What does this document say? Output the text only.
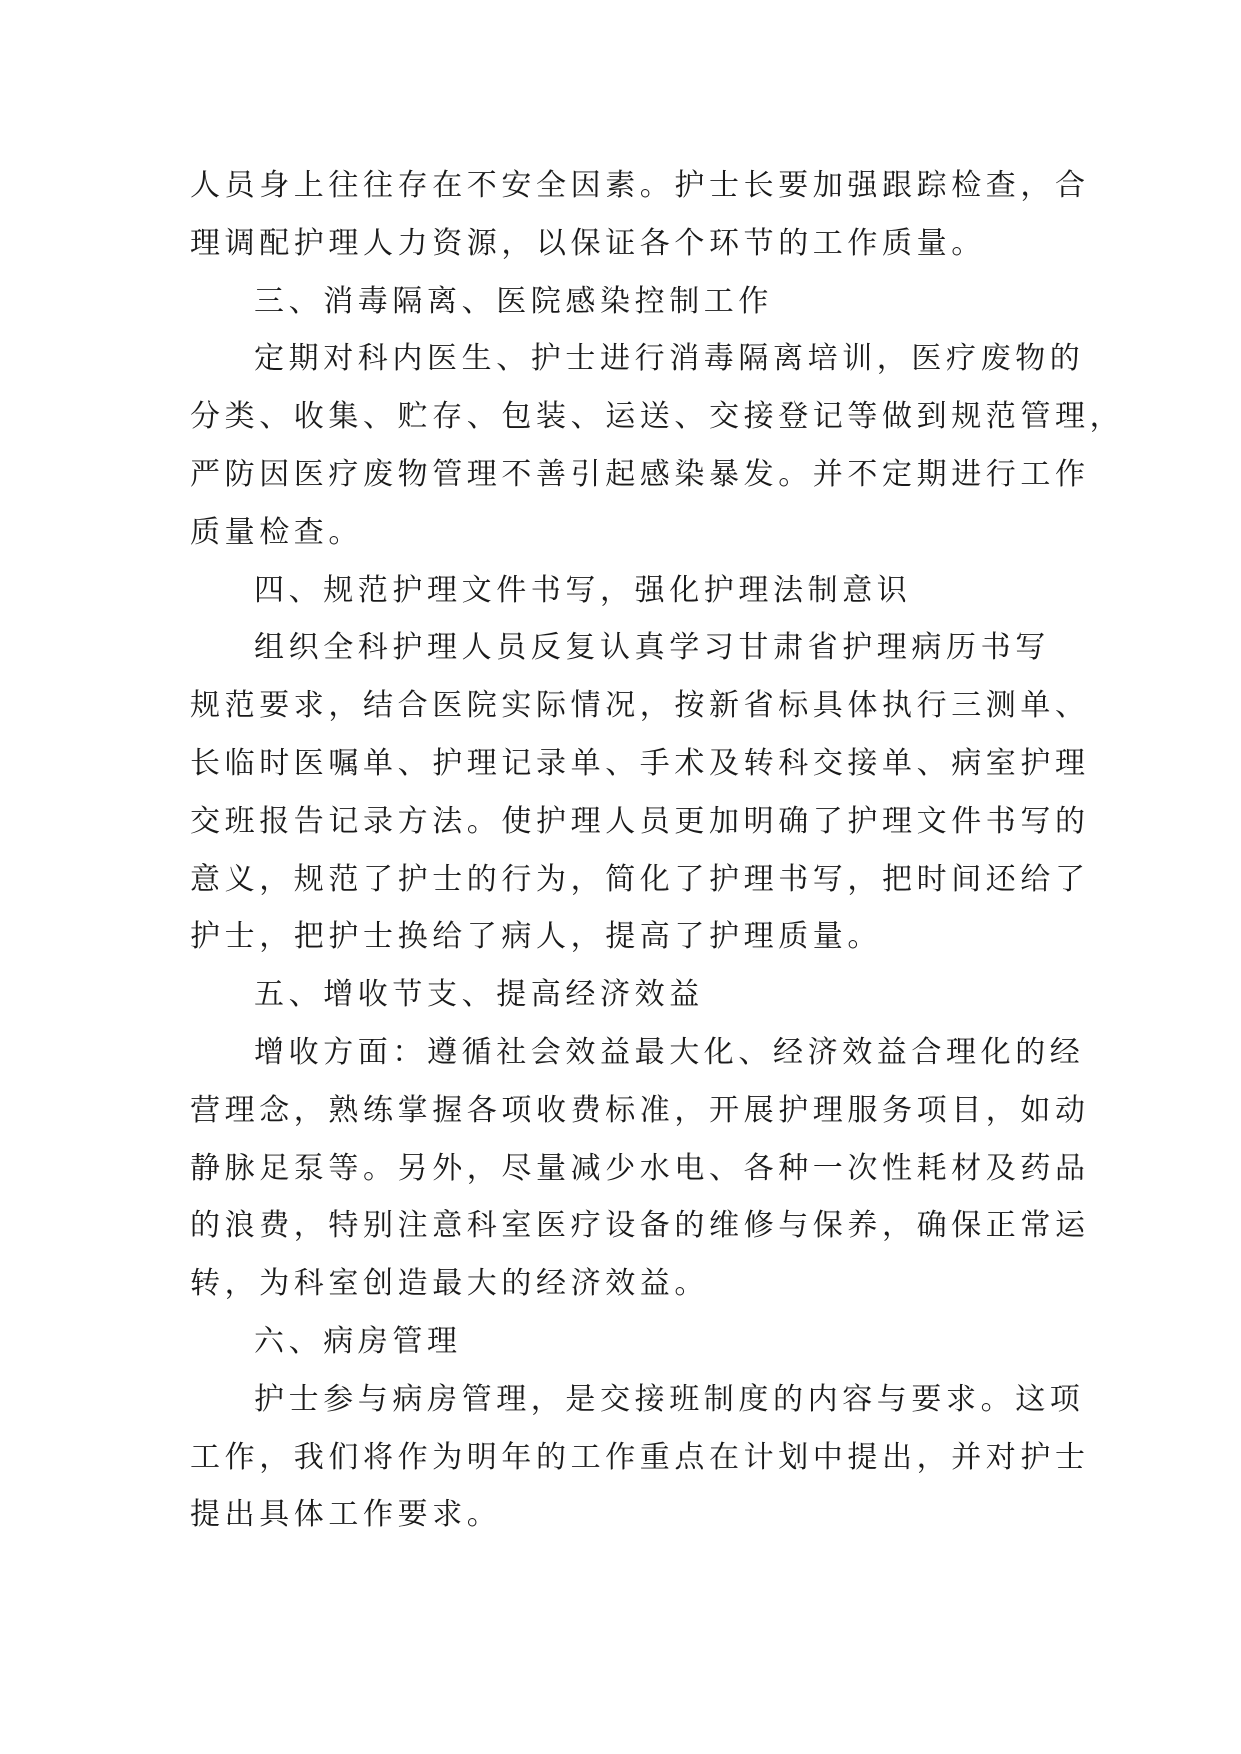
人员身上往往存在不安全因素。护士长要加强跟踪检查，合
理调配护理人力资源，以保证各个环节的工作质量。
三、消毒隔离、医院感染控制工作
定期对科内医生、护士进行消毒隔离培训，医疗废物的
分类、收集、贮存、包装、运送、交接登记等做到规范管理，
严防因医疗废物管理不善引起感染暴发。并不定期进行工作
质量检查。
四、规范护理文件书写，强化护理法制意识
组织全科护理人员反复认真学习甘肃省护理病历书写
规范要求，结合医院实际情况，按新省标具体执行三测单、
长临时医嘱单、护理记录单、手术及转科交接单、病室护理
交班报告记录方法。使护理人员更加明确了护理文件书写的
意义，规范了护士的行为，简化了护理书写，把时间还给了
护士，把护士换给了病人，提高了护理质量。
五、增收节支、提高经济效益
增收方面：遵循社会效益最大化、经济效益合理化的经
营理念，熟练掌握各项收费标准，开展护理服务项目，如动
静脉足泵等。另外，尽量减少水电、各种一次性耗材及药品
的浪费，特别注意科室医疗设备的维修与保养，确保正常运
转，为科室创造最大的经济效益。
六、病房管理
护士参与病房管理，是交接班制度的内容与要求。这项
工作，我们将作为明年的工作重点在计划中提出，并对护士
提出具体工作要求。
